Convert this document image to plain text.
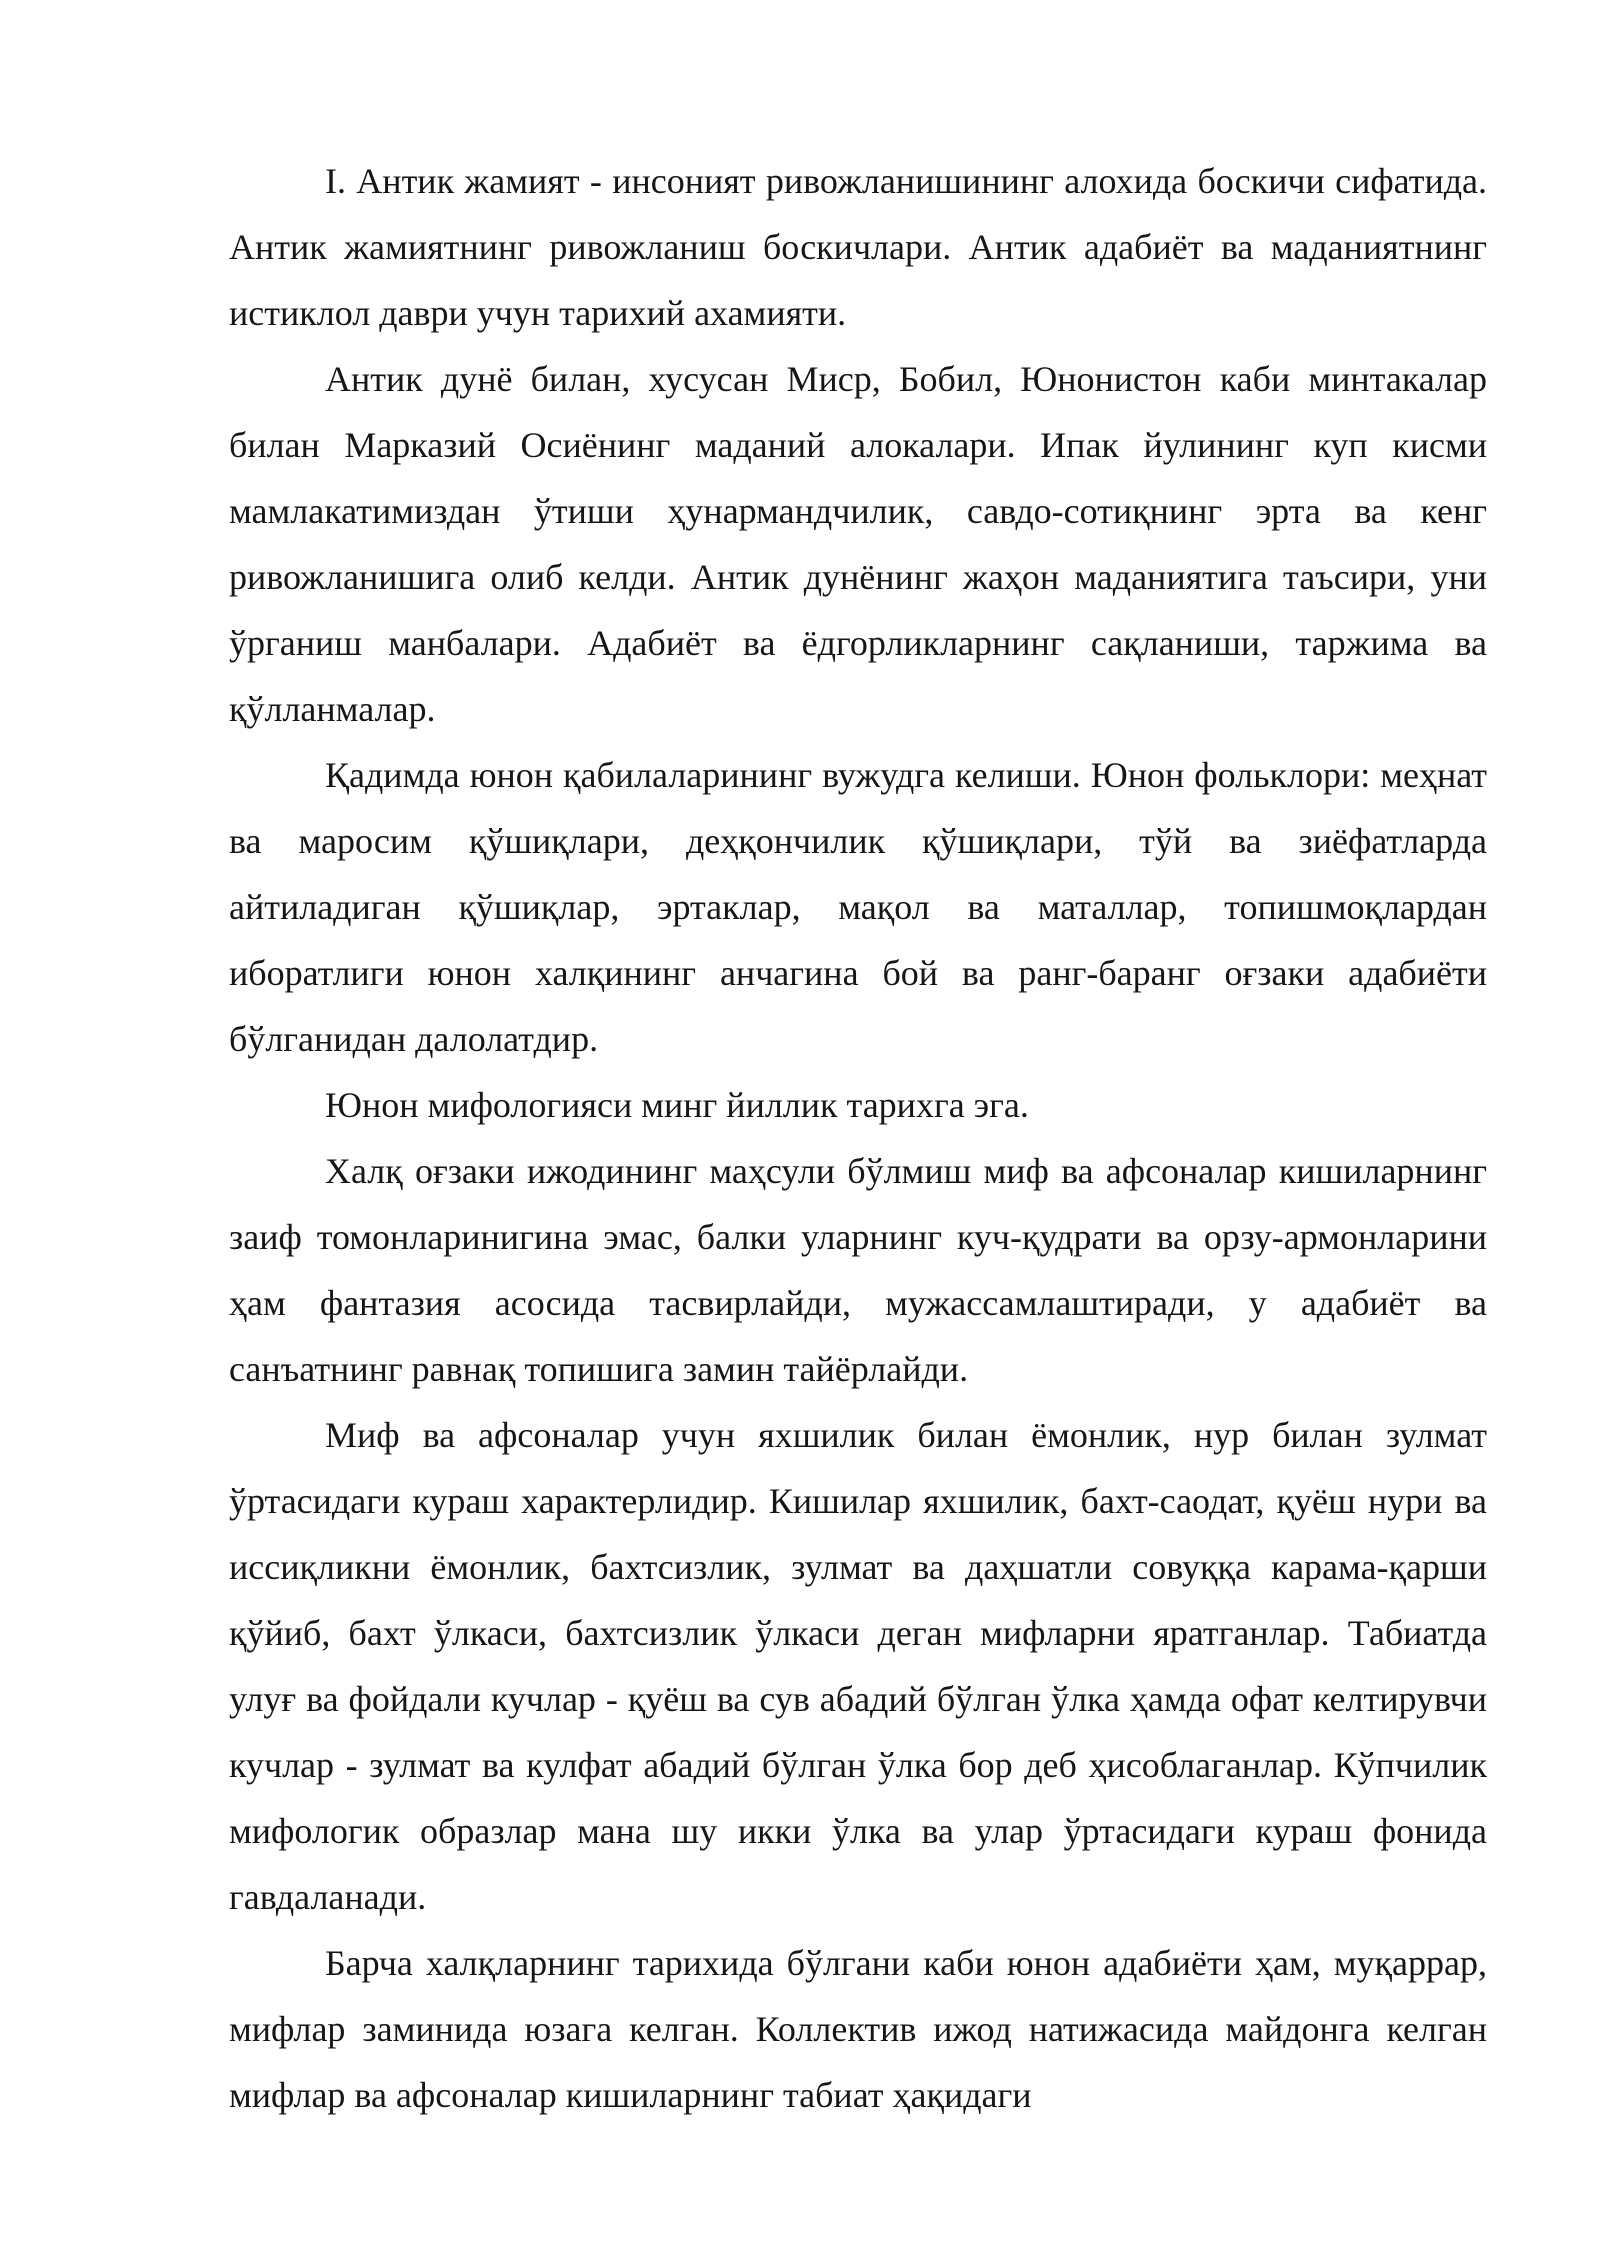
I. Антик жамият - инсоният ривожланишининг алохида боскичи сифатида. Антик жамиятнинг ривожланиш боскичлари. Антик адабиёт ва маданиятнинг истиклол даври учун тарихий ахамияти.

Антик дунё билан, хусусан Миср, Бобил, Юнонистон каби минтакалар билан Марказий Осиёнинг маданий алокалари. Ипак йулининг куп кисми мамлакатимиздан ўтиши ҳунармандчилик, савдо-сотиқнинг эрта ва кенг ривожланишига олиб келди. Антик дунёнинг жаҳон маданиятига таъсири, уни ўрганиш манбалари. Адабиёт ва ёдгорликларнинг сақланиши, таржима ва қўлланмалар.

Қадимда юнон қабилаларининг вужудга келиши. Юнон фольклори: меҳнат ва маросим қўшиқлари, деҳқончилик қўшиқлари, тўй ва зиёфатларда айтиладиган қўшиқлар, эртаклар, мақол ва маталлар, топишмоқлардан иборатлиги юнон халқининг анчагина бой ва ранг-баранг оғзаки адабиёти бўлганидан далолатдир.

Юнон мифологияси минг йиллик тарихга эга.

Халқ оғзаки ижодининг маҳсули бўлмиш миф ва афсоналар кишиларнинг заиф томонларинигина эмас, балки уларнинг куч-қудрати ва орзу-армонларини ҳам фантазия асосида тасвирлайди, мужассамлаштиради, у адабиёт ва санъатнинг равнақ топишига замин тайёрлайди.

Миф ва афсоналар учун яхшилик билан ёмонлик, нур билан зулмат ўртасидаги кураш характерлидир. Кишилар яхшилик, бахт-саодат, қуёш нури ва иссиқликни ёмонлик, бахтсизлик, зулмат ва даҳшатли совуққа карама-қарши қўйиб, бахт ўлкаси, бахтсизлик ўлкаси деган мифларни яратганлар. Табиатда улуғ ва фойдали кучлар - қуёш ва сув абадий бўлган ўлка ҳамда офат келтирувчи кучлар - зулмат ва кулфат абадий бўлган ўлка бор деб ҳисоблаганлар. Кўпчилик мифологик образлар мана шу икки ўлка ва улар ўртасидаги кураш фонида гавдаланади.

Барча халқларнинг тарихида бўлгани каби юнон адабиёти ҳам, муқаррар, мифлар заминида юзага келган. Коллектив ижод натижасида майдонга келган мифлар ва афсоналар кишиларнинг табиат ҳақидаги
